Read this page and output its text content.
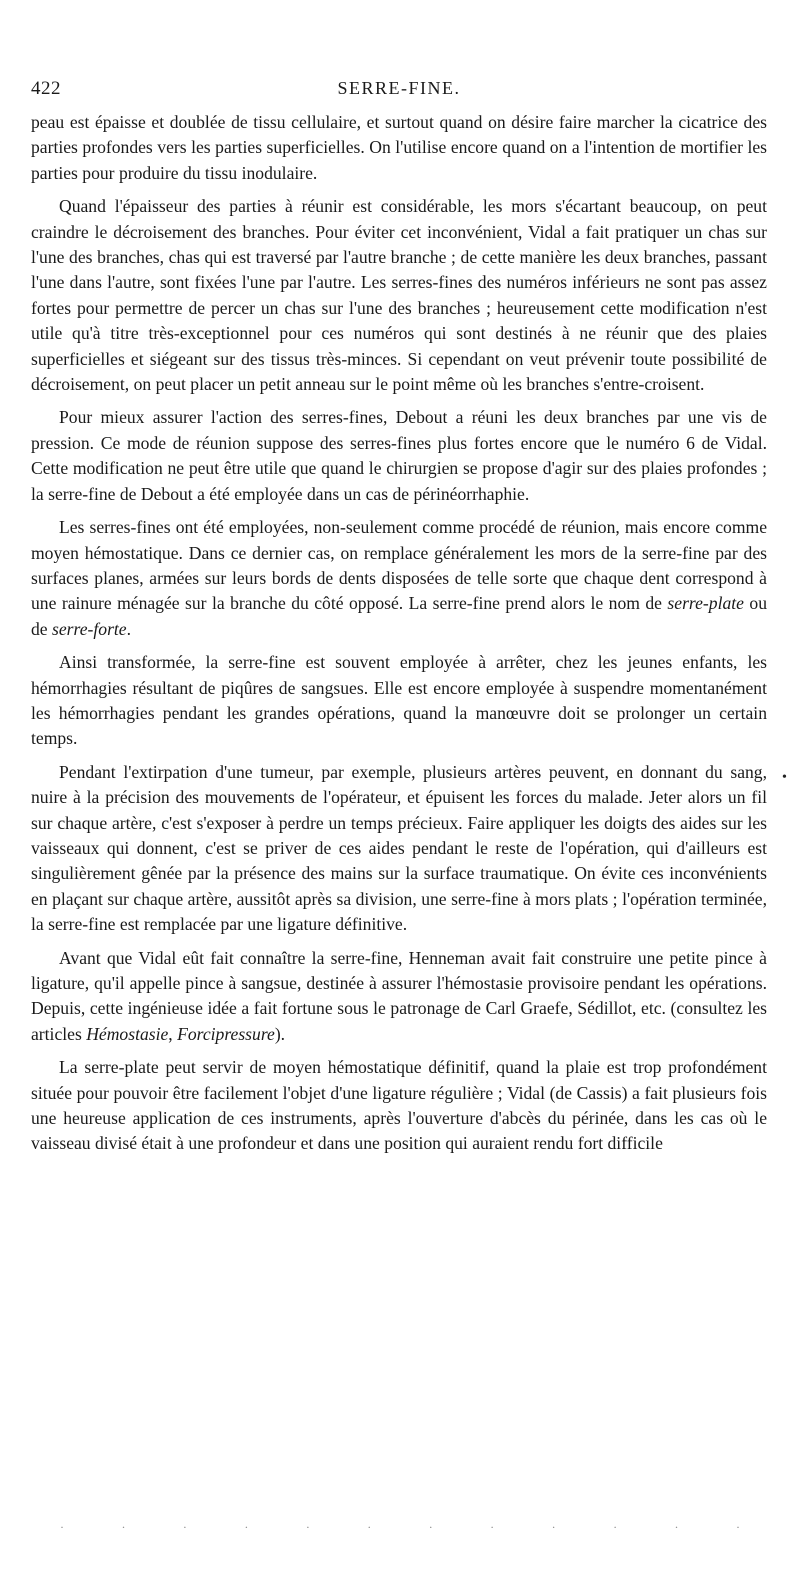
422	SERRE-FINE.

peau est épaisse et doublée de tissu cellulaire, et surtout quand on désire faire marcher la cicatrice des parties profondes vers les parties superficielles. On l'utilise encore quand on a l'intention de mortifier les parties pour produire du tissu inodulaire.

Quand l'épaisseur des parties à réunir est considérable, les mors s'écartant beaucoup, on peut craindre le décroisement des branches. Pour éviter cet inconvénient, Vidal a fait pratiquer un chas sur l'une des branches, chas qui est traversé par l'autre branche ; de cette manière les deux branches, passant l'une dans l'autre, sont fixées l'une par l'autre. Les serres-fines des numéros inférieurs ne sont pas assez fortes pour permettre de percer un chas sur l'une des branches ; heureusement cette modification n'est utile qu'à titre très-exceptionnel pour ces numéros qui sont destinés à ne réunir que des plaies superficielles et siégeant sur des tissus très-minces. Si cependant on veut prévenir toute possibilité de décroisement, on peut placer un petit anneau sur le point même où les branches s'entre-croisent.

Pour mieux assurer l'action des serres-fines, Debout a réuni les deux branches par une vis de pression. Ce mode de réunion suppose des serres-fines plus fortes encore que le numéro 6 de Vidal. Cette modification ne peut être utile que quand le chirurgien se propose d'agir sur des plaies profondes ; la serre-fine de Debout a été employée dans un cas de périnéorrhaphie.

Les serres-fines ont été employées, non-seulement comme procédé de réunion, mais encore comme moyen hémostatique. Dans ce dernier cas, on remplace généralement les mors de la serre-fine par des surfaces planes, armées sur leurs bords de dents disposées de telle sorte que chaque dent correspond à une rainure ménagée sur la branche du côté opposé. La serre-fine prend alors le nom de serre-plate ou de serre-forte.

Ainsi transformée, la serre-fine est souvent employée à arrêter, chez les jeunes enfants, les hémorrhagies résultant de piqûres de sangsues. Elle est encore employée à suspendre momentanément les hémorrhagies pendant les grandes opérations, quand la manœuvre doit se prolonger un certain temps.

Pendant l'extirpation d'une tumeur, par exemple, plusieurs artères peuvent, en donnant du sang, nuire à la précision des mouvements de l'opérateur, et épuisent les forces du malade. Jeter alors un fil sur chaque artère, c'est s'exposer à perdre un temps précieux. Faire appliquer les doigts des aides sur les vaisseaux qui donnent, c'est se priver de ces aides pendant le reste de l'opération, qui d'ailleurs est singulièrement gênée par la présence des mains sur la surface traumatique. On évite ces inconvénients en plaçant sur chaque artère, aussitôt après sa division, une serre-fine à mors plats ; l'opération terminée, la serre-fine est remplacée par une ligature définitive.

Avant que Vidal eût fait connaître la serre-fine, Henneman avait fait construire une petite pince à ligature, qu'il appelle pince à sangsue, destinée à assurer l'hémostasie provisoire pendant les opérations. Depuis, cette ingénieuse idée a fait fortune sous le patronage de Carl Graefe, Sédillot, etc. (consultez les articles Hémostasie, Forcipressure).

La serre-plate peut servir de moyen hémostatique définitif, quand la plaie est trop profondément située pour pouvoir être facilement l'objet d'une ligature régulière ; Vidal (de Cassis) a fait plusieurs fois une heureuse application de ces instruments, après l'ouverture d'abcès du périnée, dans les cas où le vaisseau divisé était à une profondeur et dans une position qui auraient rendu fort difficile

•
·	·	·	·	·	·	·	·	·	·	·	·
